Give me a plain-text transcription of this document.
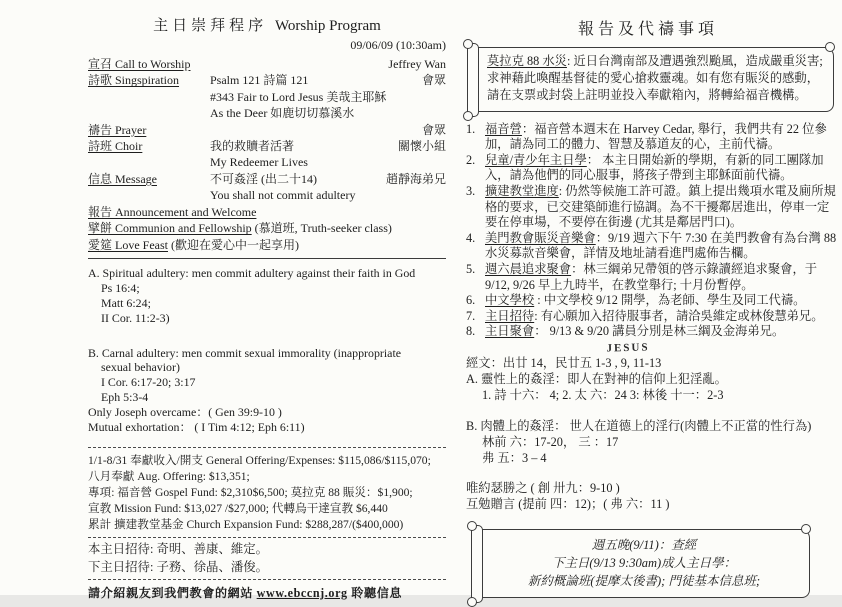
主日崇拜程序 Worship Program
09/06/09 (10:30am)
宣召 Call to Worship	Jeffrey Wan
詩歌 Singspiration	Psalm 121 詩篇 121	會眾
#343 Fair to Lord Jesus 美哉主耶穌
As the Deer 如鹿切切慕溪水
禱告 Prayer	會眾
詩班 Choir	我的救贖者活著	關懷小組
My Redeemer Lives
信息 Message	不可姦淫 (出二十14)	趙靜海弟兄
You shall not commit adultery
報告 Announcement and Welcome
擘餅 Communion and Fellowship (慕道班, Truth-seeker class)
愛筵 Love Feast (歡迎在愛心中一起享用)
A. Spiritual adultery: men commit adultery against their faith in God
Ps 16:4;
Matt 6:24;
II Cor. 11:2-3)
B. Carnal adultery: men commit sexual immorality (inappropriate
sexual behavior)
I Cor. 6:17-20; 3:17
Eph 5:3-4
Only Joseph overcame：( Gen 39:9-10 )
Mutual exhortation： ( I Tim 4:12; Eph 6:11)
1/1-8/31 奉獻收入/開支 General Offering/Expenses: $115,086/$115,070;
八月奉獻 Aug. Offering: $13,351;
專項: 福音營 Gospel Fund: $2,310$6,500; 莫拉克 88 賑災：$1,900;
宣教 Mission Fund: $13,027 /$27,000; 代轉烏干達宣教 $6,440
累計 擴建教堂基金 Church Expansion Fund: $288,287/($400,000)
本主日招待: 奇明、善康、維定。
下主日招待: 子務、徐晶、潘俊。
請介紹親友到我們教會的網站 www.ebccnj.org 聆聽信息
報告及代禱事項
莫拉克 88 水災: 近日台灣南部及遭遇強烈颱風，造成嚴重災害; 求神藉此喚醒基督徒的愛心搶救靈魂。如有您有賑災的感動，請在支票或封袋上註明並投入奉獻箱內，將轉給福音機構。
1. 福音營：福音營本週末在 Harvey Cedar, 舉行，我們共有 22 位參加，請為同工的體力、智慧及慕道友的心，主前代禱。
2. 兒童/青少年主日學： 本主日開始新的學期，有新的同工團隊加入，請為他們的同心服事，將孩子帶到主耶穌面前代禱。
3. 擴建教堂進度: 仍然等候施工許可證。鎮上提出幾項水電及廁所規格的要求，已交建築師進行協調。為不干擾鄰居進出，停車一定要在停車場，不要停在街邊 (尤其是鄰居門口)。
4. 美門教會賑災音樂會：9/19 週六下午 7:30 在美門教會有為台灣 88 水災募款音樂會，詳情及地址請看進門處佈告欄。
5. 週六晨追求聚會：林三綱弟兄帶領的啓示錄讀經追求聚會，于 9/12, 9/26 早上九時半，在教堂舉行; 十月份暫停。
6. 中文學校 : 中文學校 9/12 開學，為老師、學生及同工代禱。
7. 主日招待: 有心願加入招待服事者，請洽吳維定或林俊慧弟兄。
8. 主日聚會： 9/13 & 9/20 講員分別是林三綱及金海弟兄。
JESUS
經文：出廿 14，民廿五 1-3 , 9, 11-13
A. 靈性上的姦淫：即人在對神的信仰上犯淫亂。
1. 詩 十六： 4; 2. 太 六：24 3: 林後 十一：2-3
B. 肉體上的姦淫： 世人在道德上的淫行(肉體上不正當的性行為)
林前 六：17-20， 三 ：17
弗 五：3 – 4
唯約瑟勝之 ( 創 卅九：9-10 )
互勉贈言 (提前 四：12)；( 弗 六：11 )
週五晚(9/11)：查經
下主日(9/13 9:30am)成人主日學：
新約概論班(提摩太後書); 門徒基本信息班;
